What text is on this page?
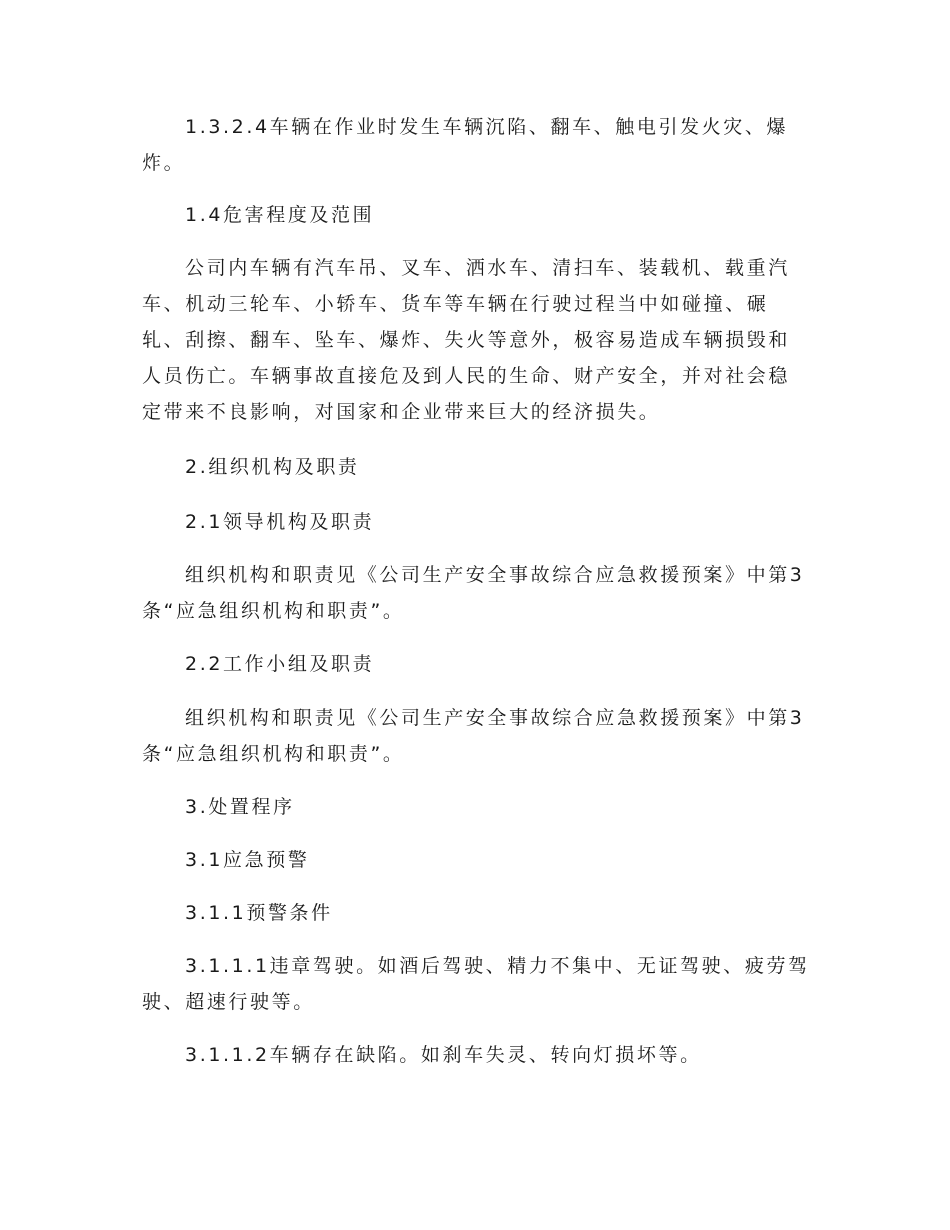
1.3.2.4车辆在作业时发生车辆沉陷、翻车、触电引发火灾、爆
炸。

1.4危害程度及范围

公司内车辆有汽车吊、叉车、洒水车、清扫车、装载机、载重汽
车、机动三轮车、小轿车、货车等车辆在行驶过程当中如碰撞、碾
轧、刮擦、翻车、坠车、爆炸、失火等意外，极容易造成车辆损毁和
人员伤亡。车辆事故直接危及到人民的生命、财产安全，并对社会稳
定带来不良影响，对国家和企业带来巨大的经济损失。

2.组织机构及职责

2.1领导机构及职责

组织机构和职责见《公司生产安全事故综合应急救援预案》中第3
条“应急组织机构和职责”。

2.2工作小组及职责

组织机构和职责见《公司生产安全事故综合应急救援预案》中第3
条“应急组织机构和职责”。

3.处置程序

3.1应急预警

3.1.1预警条件

3.1.1.1违章驾驶。如酒后驾驶、精力不集中、无证驾驶、疲劳驾
驶、超速行驶等。

3.1.1.2车辆存在缺陷。如刹车失灵、转向灯损坏等。
